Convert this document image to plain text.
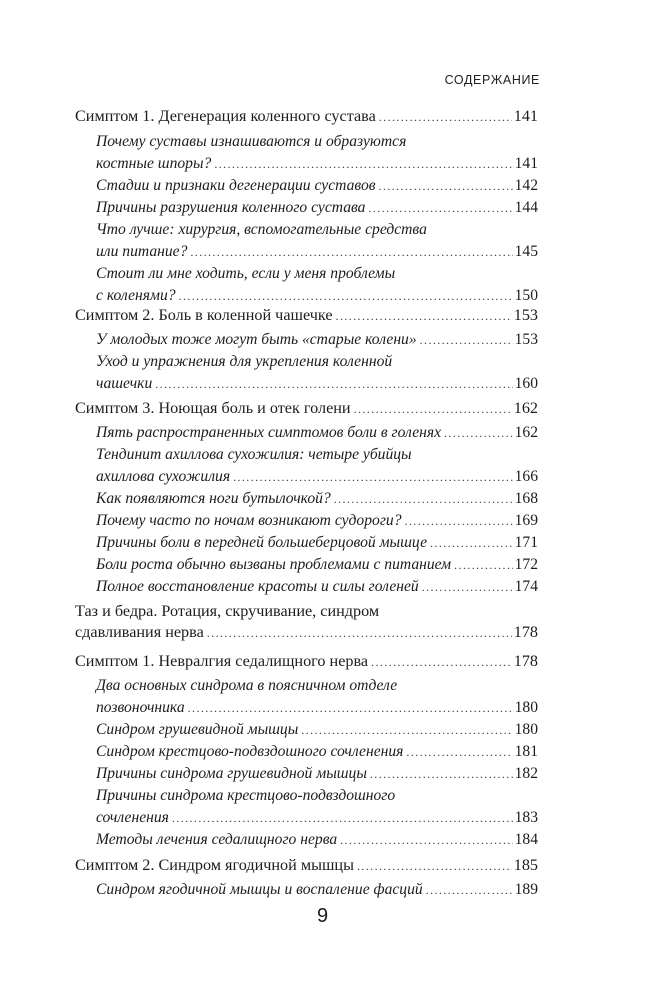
СОДЕРЖАНИЕ
Симптом 1. Дегенерация коленного сустава .....	141
Почему суставы изнашиваются и образуются
костные шпоры? .....	141
Стадии и признаки дегенерации суставов .....	142
Причины разрушения коленного сустава .....	144
Что лучше: хирургия, вспомогательные средства
или питание? .....	145
Стоит ли мне ходить, если у меня проблемы
с коленями? .....	150
Симптом 2. Боль в коленной чашечке .....	153
У молодых тоже могут быть «старые колени» .....	153
Уход и упражнения для укрепления коленной
чашечки .....	160
Симптом 3. Ноющая боль и отек голени .....	162
Пять распространенных симптомов боли в голенях .....	162
Тендинит ахиллова сухожилия: четыре убийцы
ахиллова сухожилия .....	166
Как появляются ноги бутылочкой? .....	168
Почему часто по ночам возникают судороги? .....	169
Причины боли в передней большеберцовой мышце .....	171
Боли роста обычно вызваны проблемами с питанием .....	172
Полное восстановление красоты и силы голеней .....	174
Таз и бедра. Ротация, скручивание, синдром
сдавливания нерва .....	178
Симптом 1. Невралгия седалищного нерва .....	178
Два основных синдрома в поясничном отделе
позвоночника .....	180
Синдром грушевидной мышцы .....	180
Синдром крестцово-подвздошного сочленения .....	181
Причины синдрома грушевидной мышцы .....	182
Причины синдрома крестцово-подвздошного
сочленения .....	183
Методы лечения седалищного нерва .....	184
Симптом 2. Синдром ягодичной мышцы .....	185
Синдром ягодичной мышцы и воспаление фасций .....	189
9
